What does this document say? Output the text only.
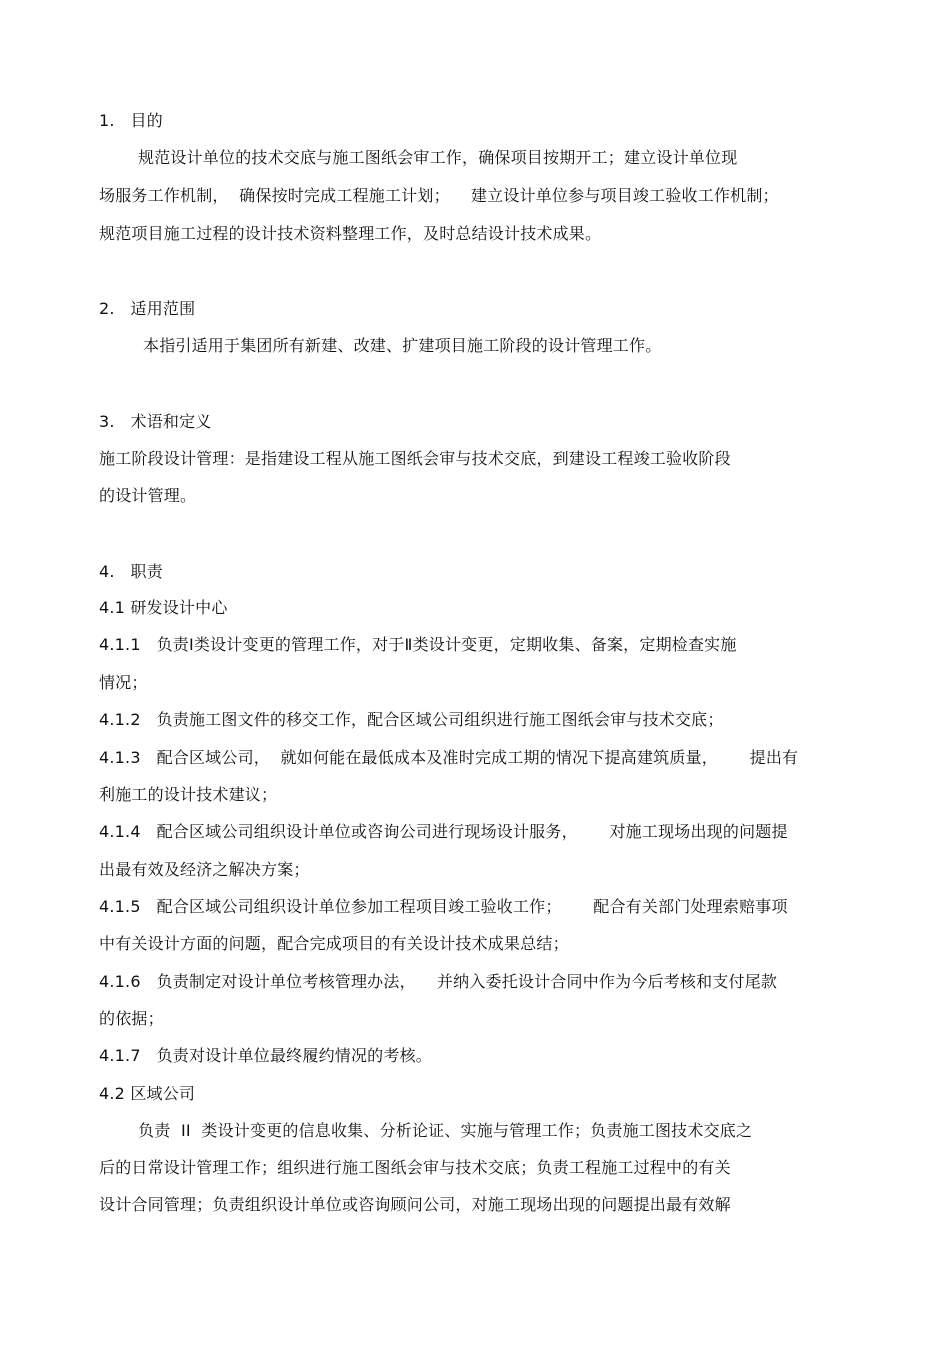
1.   目的
规范设计单位的技术交底与施工图纸会审工作，确保项目按期开工；建立设计单位现
场服务工作机制，  确保按时完成工程施工计划；    建立设计单位参与项目竣工验收工作机制；
规范项目施工过程的设计技术资料整理工作，及时总结设计技术成果。
2.   适用范围
本指引适用于集团所有新建、改建、扩建项目施工阶段的设计管理工作。
3.   术语和定义
施工阶段设计管理：是指建设工程从施工图纸会审与技术交底，到建设工程竣工验收阶段
的设计管理。
4.   职责
4.1 研发设计中心
4.1.1   负责Ⅰ类设计变更的管理工作，对于Ⅱ类设计变更，定期收集、备案，定期检查实施
情况；
4.1.2   负责施工图文件的移交工作，配合区域公司组织进行施工图纸会审与技术交底；
4.1.3   配合区域公司，  就如何能在最低成本及准时完成工期的情况下提高建筑质量，      提出有
利施工的设计技术建议；
4.1.4   配合区域公司组织设计单位或咨询公司进行现场设计服务，      对施工现场出现的问题提
出最有效及经济之解决方案；
4.1.5   配合区域公司组织设计单位参加工程项目竣工验收工作；      配合有关部门处理索赔事项
中有关设计方面的问题，配合完成项目的有关设计技术成果总结；
4.1.6   负责制定对设计单位考核管理办法，    并纳入委托设计合同中作为今后考核和支付尾款
的依据；
4.1.7   负责对设计单位最终履约情况的考核。
4.2 区域公司
负责  II  类设计变更的信息收集、分析论证、实施与管理工作；负责施工图技术交底之
后的日常设计管理工作；组织进行施工图纸会审与技术交底；负责工程施工过程中的有关
设计合同管理；负责组织设计单位或咨询顾问公司，对施工现场出现的问题提出最有效解
